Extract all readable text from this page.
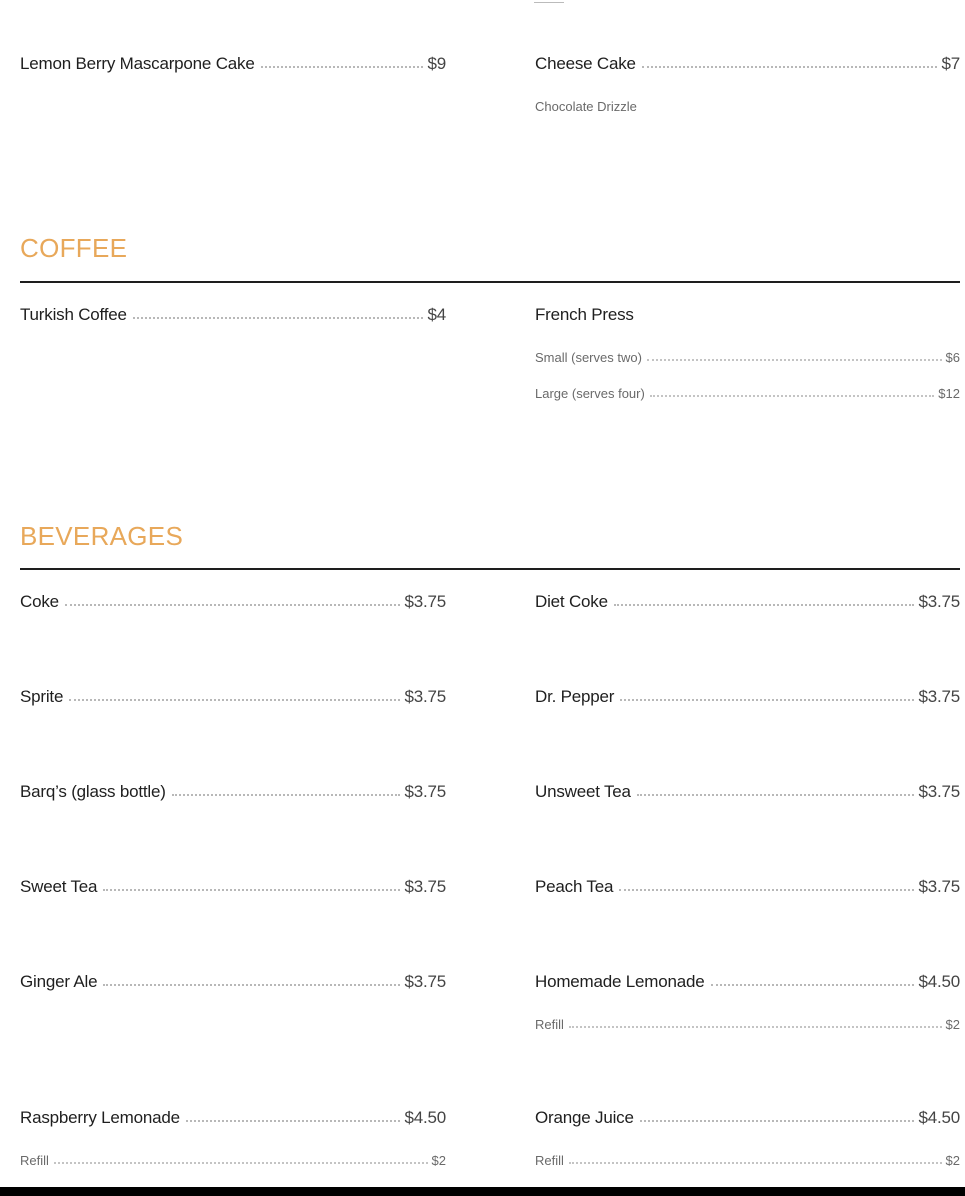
Lemon Berry Mascarpone Cake	$9	Cheese Cake	$7
Chocolate Drizzle
COFFEE
Turkish Coffee	$4	French Press
Small (serves two)	$6
Large (serves four)	$12
BEVERAGES
Coke	$3.75	Diet Coke	$3.75
Sprite	$3.75	Dr. Pepper	$3.75
Barq’s (glass bottle)	$3.75	Unsweet Tea	$3.75
Sweet Tea	$3.75	Peach Tea	$3.75
Ginger Ale	$3.75	Homemade Lemonade	$4.50
Refill	$2
Raspberry Lemonade	$4.50	Orange Juice	$4.50
Refill	$2	Refill	$2
